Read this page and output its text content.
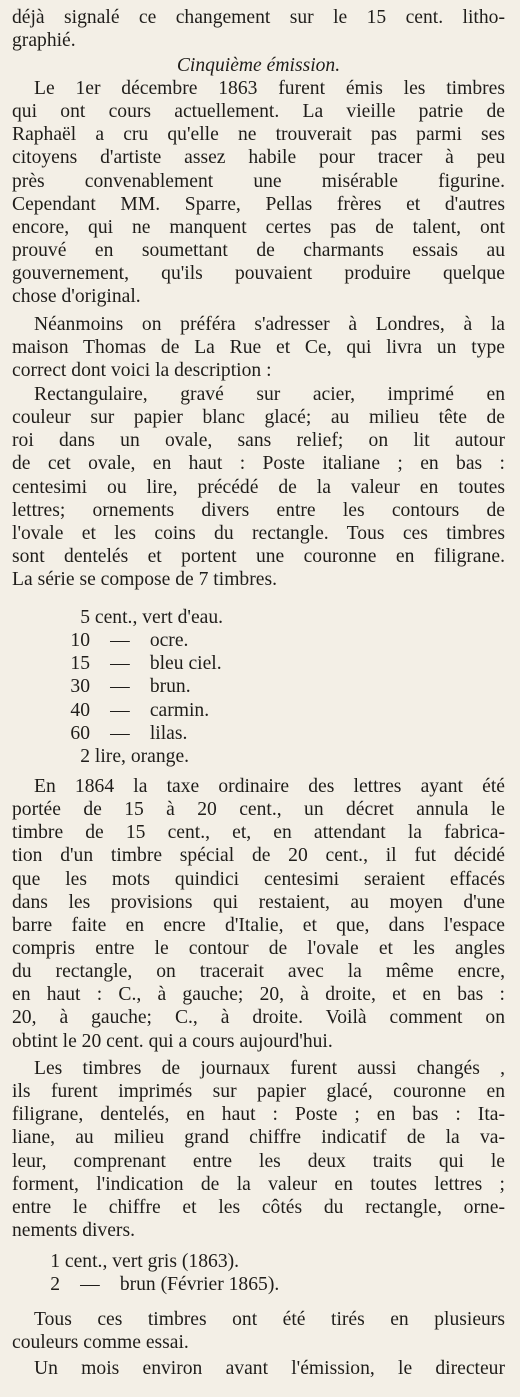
déjà signalé ce changement sur le 15 cent. litho-
graphié.
Cinquième émission.
Le 1er décembre 1863 furent émis les timbres
qui ont cours actuellement. La vieille patrie de
Raphaël a cru qu'elle ne trouverait pas parmi ses
citoyens d'artiste assez habile pour tracer à peu
près convenablement une misérable figurine.
Cependant MM. Sparre, Pellas frères et d'autres
encore, qui ne manquent certes pas de talent, ont
prouvé en soumettant de charmants essais au
gouvernement, qu'ils pouvaient produire quelque
chose d'original.
Néanmoins on préféra s'adresser à Londres, à la
maison Thomas de La Rue et Ce, qui livra un type
correct dont voici la description :
Rectangulaire, gravé sur acier, imprimé en
couleur sur papier blanc glacé; au milieu tête de
roi dans un ovale, sans relief; on lit autour
de cet ovale, en haut : Poste italiane ; en bas :
centesimi ou lire, précédé de la valeur en toutes
lettres; ornements divers entre les contours de
l'ovale et les coins du rectangle. Tous ces timbres
sont dentelés et portent une couronne en filigrane.
La série se compose de 7 timbres.
5 cent., vert d'eau.
10 — ocre.
15 — bleu ciel.
30 — brun.
40 — carmin.
60 — lilas.
2 lire, orange.
En 1864 la taxe ordinaire des lettres ayant été
portée de 15 à 20 cent., un décret annula le
timbre de 15 cent., et, en attendant la fabrica-
tion d'un timbre spécial de 20 cent., il fut décidé
que les mots quindici centesimi seraient effacés
dans les provisions qui restaient, au moyen d'une
barre faite en encre d'Italie, et que, dans l'espace
compris entre le contour de l'ovale et les angles
du rectangle, on tracerait avec la même encre,
en haut : C., à gauche; 20, à droite, et en bas :
20, à gauche; C., à droite. Voilà comment on
obtint le 20 cent. qui a cours aujourd'hui.
Les timbres de journaux furent aussi changés ,
ils furent imprimés sur papier glacé, couronne en
filigrane, dentelés, en haut : Poste ; en bas : Ita-
liane, au milieu grand chiffre indicatif de la va-
leur, comprenant entre les deux traits qui le
forment, l'indication de la valeur en toutes lettres ;
entre le chiffre et les côtés du rectangle, orne-
nements divers.
1 cent., vert gris (1863).
2 — brun (Février 1865).
Tous ces timbres ont été tirés en plusieurs
couleurs comme essai.
Un mois environ avant l'émission, le directeur
